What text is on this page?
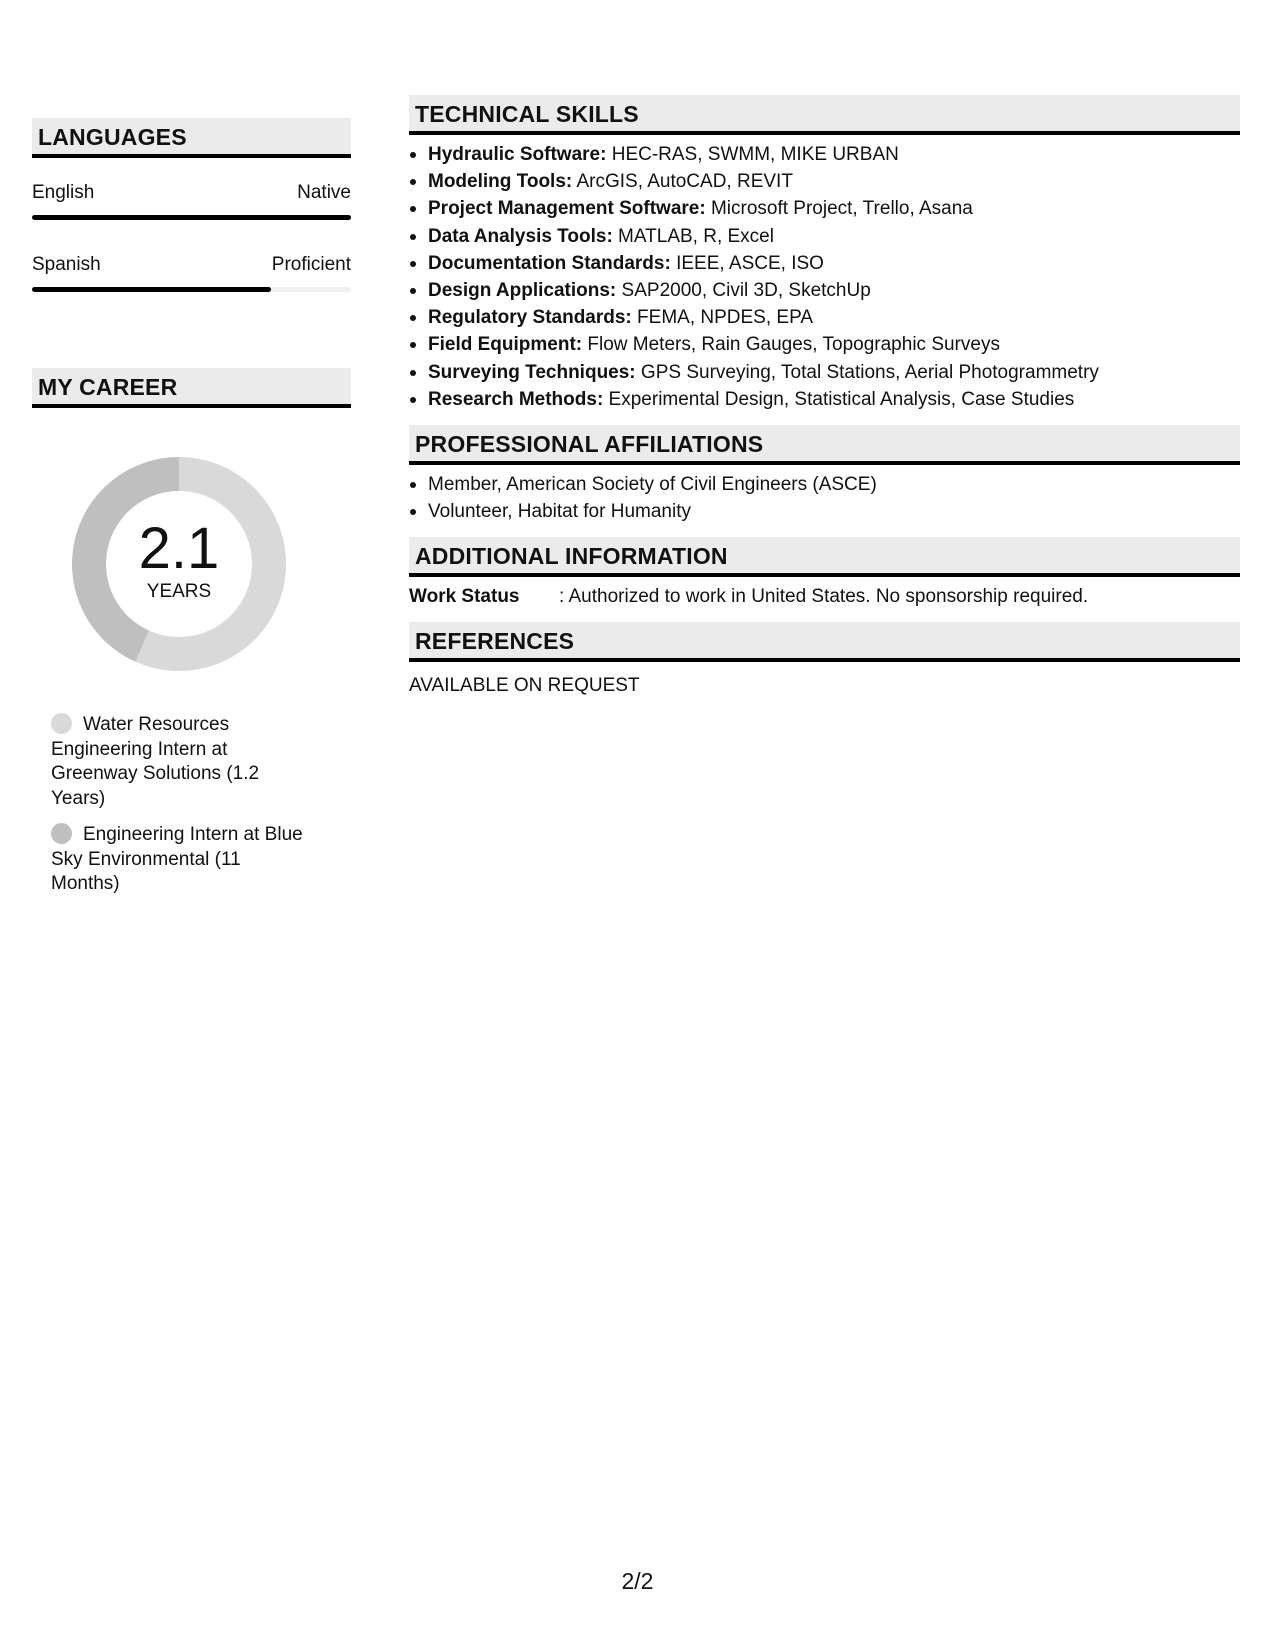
LANGUAGES
English	Native
Spanish	Proficient
MY CAREER
2.1
YEARS
Water Resources Engineering Intern at Greenway Solutions (1.2 Years)
Engineering Intern at Blue Sky Environmental (11 Months)
TECHNICAL SKILLS
Hydraulic Software: HEC-RAS, SWMM, MIKE URBAN
Modeling Tools: ArcGIS, AutoCAD, REVIT
Project Management Software: Microsoft Project, Trello, Asana
Data Analysis Tools: MATLAB, R, Excel
Documentation Standards: IEEE, ASCE, ISO
Design Applications: SAP2000, Civil 3D, SketchUp
Regulatory Standards: FEMA, NPDES, EPA
Field Equipment: Flow Meters, Rain Gauges, Topographic Surveys
Surveying Techniques: GPS Surveying, Total Stations, Aerial Photogrammetry
Research Methods: Experimental Design, Statistical Analysis, Case Studies
PROFESSIONAL AFFILIATIONS
Member, American Society of Civil Engineers (ASCE)
Volunteer, Habitat for Humanity
ADDITIONAL INFORMATION
Work Status	: Authorized to work in United States. No sponsorship required.
REFERENCES
AVAILABLE ON REQUEST
2/2
